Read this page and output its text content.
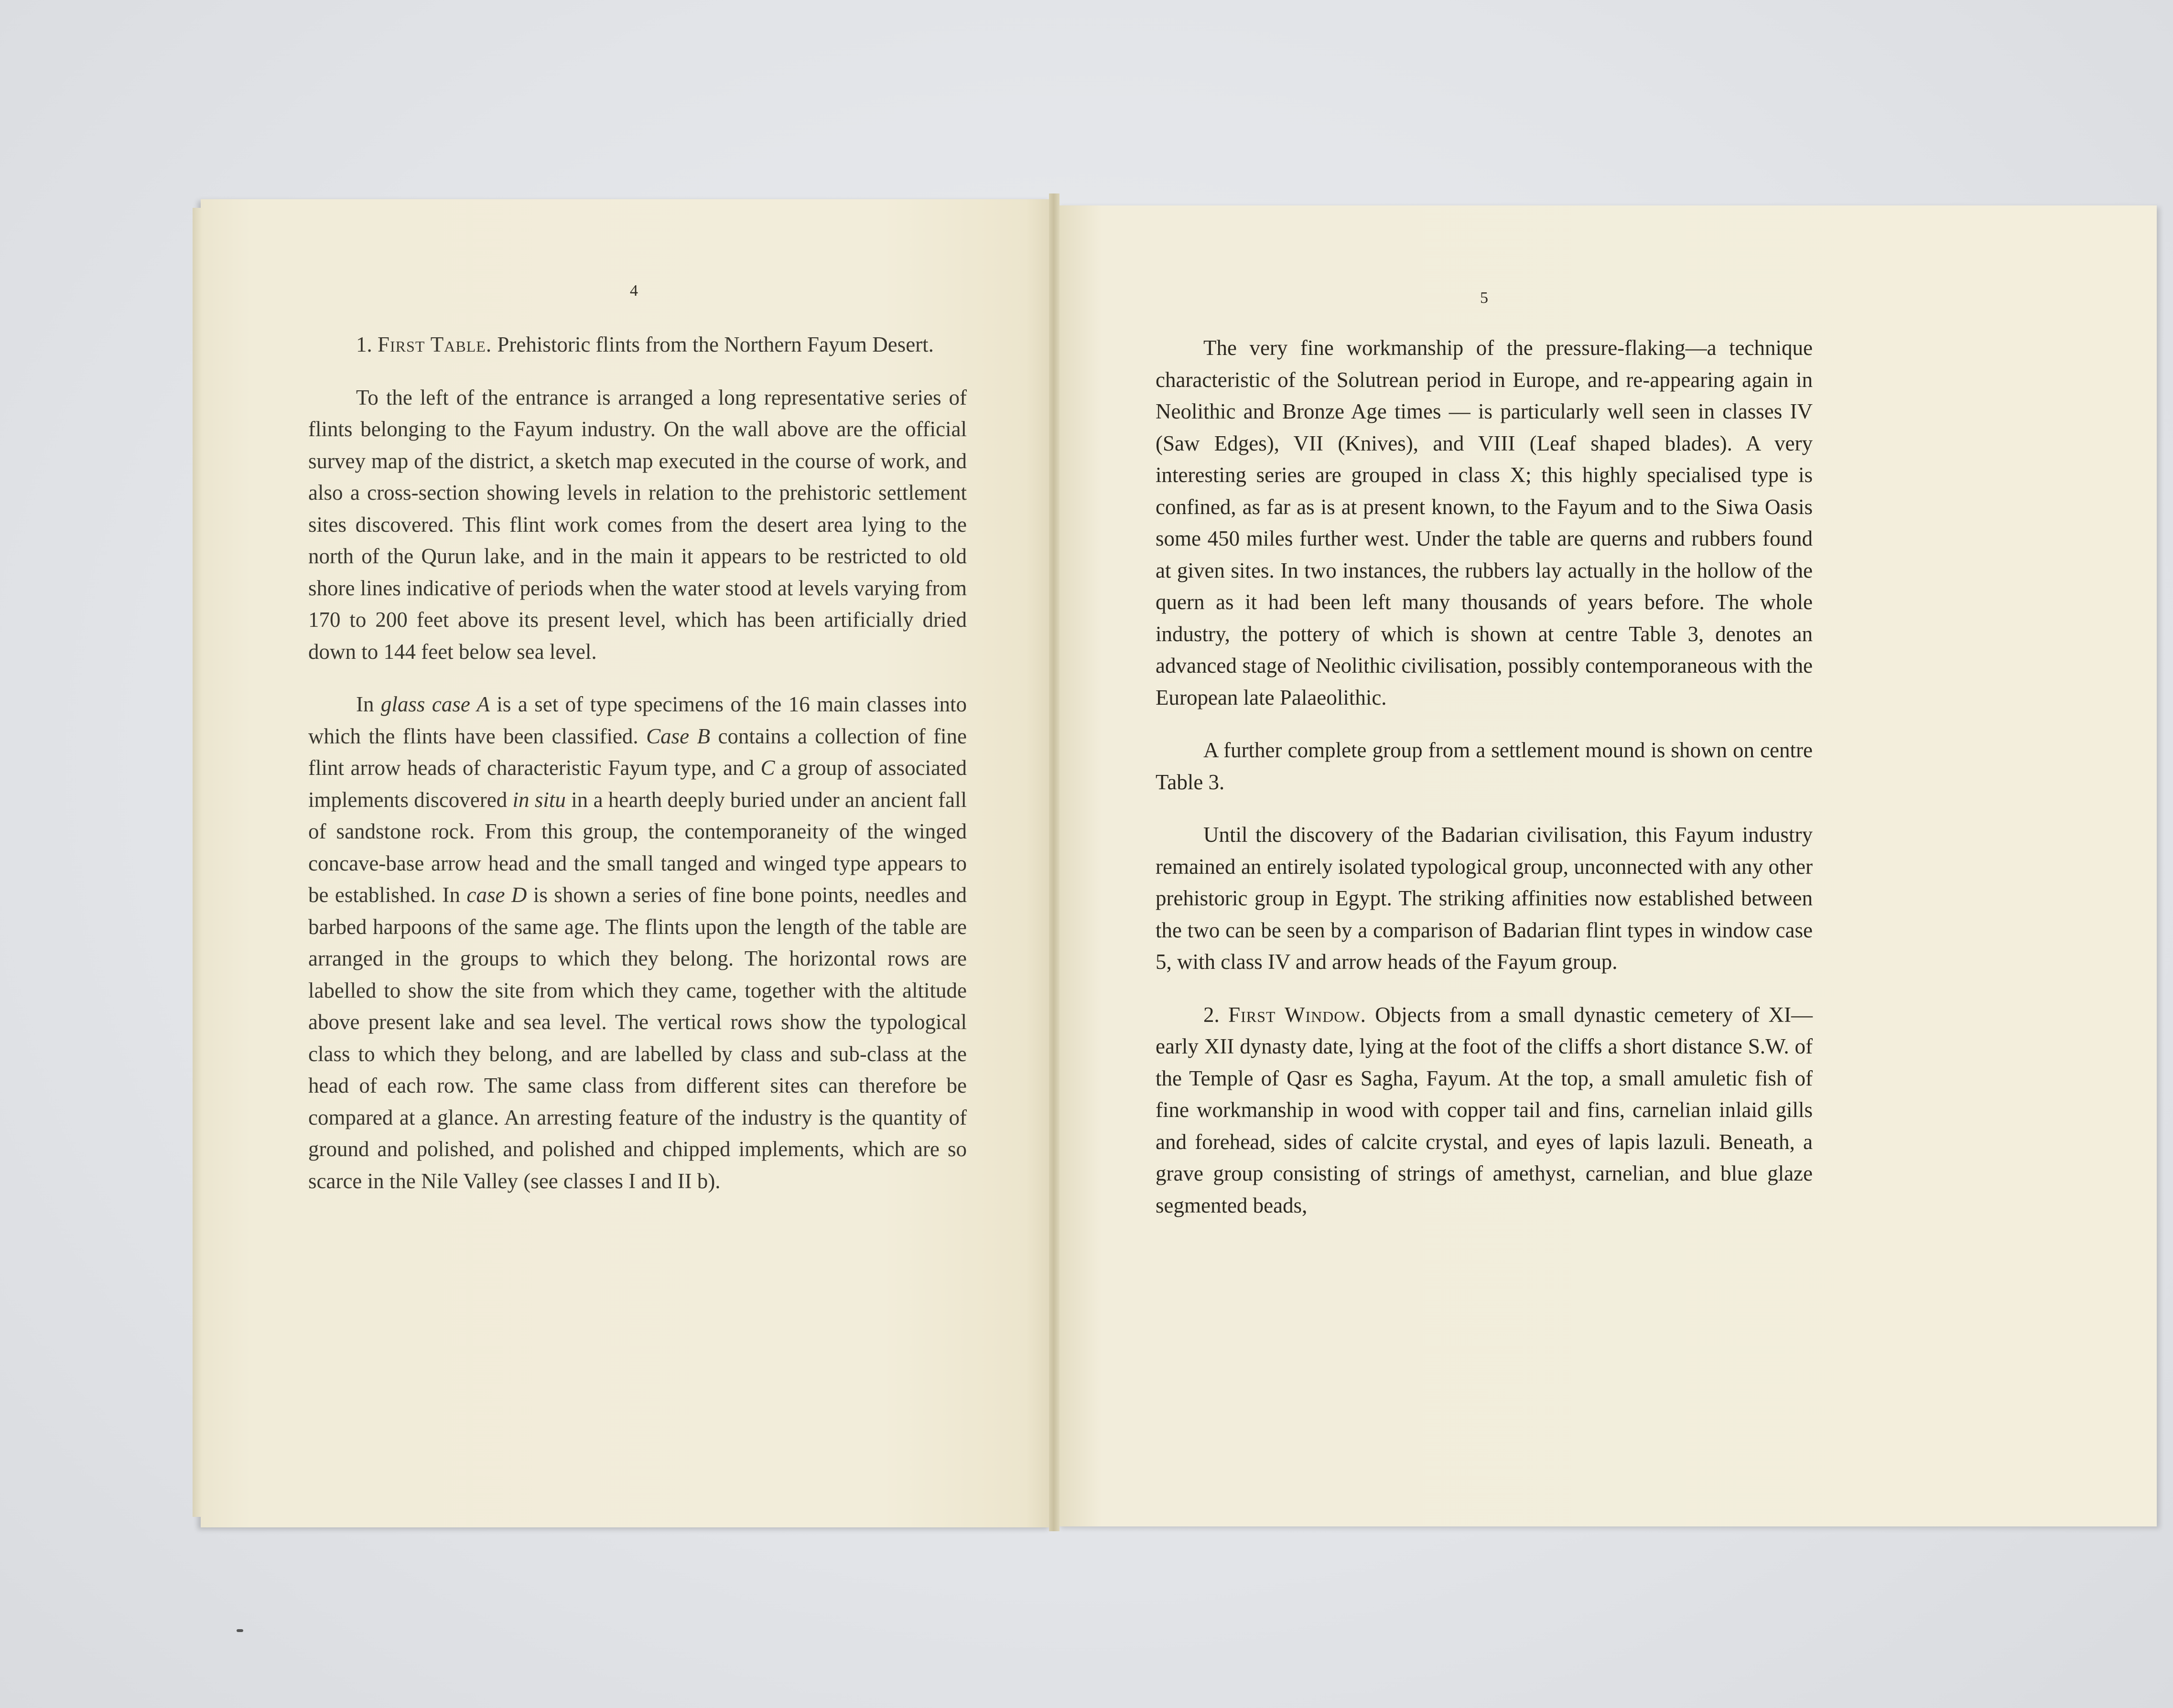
4	5

1. First Table. Prehistoric flints from the Northern Fayum Desert.

To the left of the entrance is arranged a long representative series of flints belonging to the Fayum industry. On the wall above are the official survey map of the district, a sketch map executed in the course of work, and also a cross-section showing levels in relation to the prehistoric settlement sites discovered. This flint work comes from the desert area lying to the north of the Qurun lake, and in the main it appears to be restricted to old shore lines indicative of periods when the water stood at levels varying from 170 to 200 feet above its present level, which has been artificially dried down to 144 feet below sea level.

In glass case A is a set of type specimens of the 16 main classes into which the flints have been classified. Case B contains a collection of fine flint arrow heads of characteristic Fayum type, and C a group of associated implements discovered in situ in a hearth deeply buried under an ancient fall of sandstone rock. From this group, the contemporaneity of the winged concave-base arrow head and the small tanged and winged type appears to be established. In case D is shown a series of fine bone points, needles and barbed harpoons of the same age. The flints upon the length of the table are arranged in the groups to which they belong. The horizontal rows are labelled to show the site from which they came, together with the altitude above present lake and sea level. The vertical rows show the typological class to which they belong, and are labelled by class and sub-class at the head of each row. The same class from different sites can therefore be compared at a glance. An arresting feature of the industry is the quantity of ground and polished, and polished and chipped implements, which are so scarce in the Nile Valley (see classes I and II b).

The very fine workmanship of the pressure-flaking—a technique characteristic of the Solutrean period in Europe, and re-appearing again in Neolithic and Bronze Age times — is particularly well seen in classes IV (Saw Edges), VII (Knives), and VIII (Leaf shaped blades). A very interesting series are grouped in class X; this highly specialised type is confined, as far as is at present known, to the Fayum and to the Siwa Oasis some 450 miles further west. Under the table are querns and rubbers found at given sites. In two instances, the rubbers lay actually in the hollow of the quern as it had been left many thousands of years before. The whole industry, the pottery of which is shown at centre Table 3, denotes an advanced stage of Neolithic civilisation, possibly contemporaneous with the European late Palaeolithic.

A further complete group from a settlement mound is shown on centre Table 3.

Until the discovery of the Badarian civilisation, this Fayum industry remained an entirely isolated typological group, unconnected with any other prehistoric group in Egypt. The striking affinities now established between the two can be seen by a comparison of Badarian flint types in window case 5, with class IV and arrow heads of the Fayum group.

2. First Window. Objects from a small dynastic cemetery of XI—early XII dynasty date, lying at the foot of the cliffs a short distance S.W. of the Temple of Qasr es Sagha, Fayum. At the top, a small amuletic fish of fine workmanship in wood with copper tail and fins, carnelian inlaid gills and forehead, sides of calcite crystal, and eyes of lapis lazuli. Beneath, a grave group consisting of strings of amethyst, carnelian, and blue glaze segmented beads,
